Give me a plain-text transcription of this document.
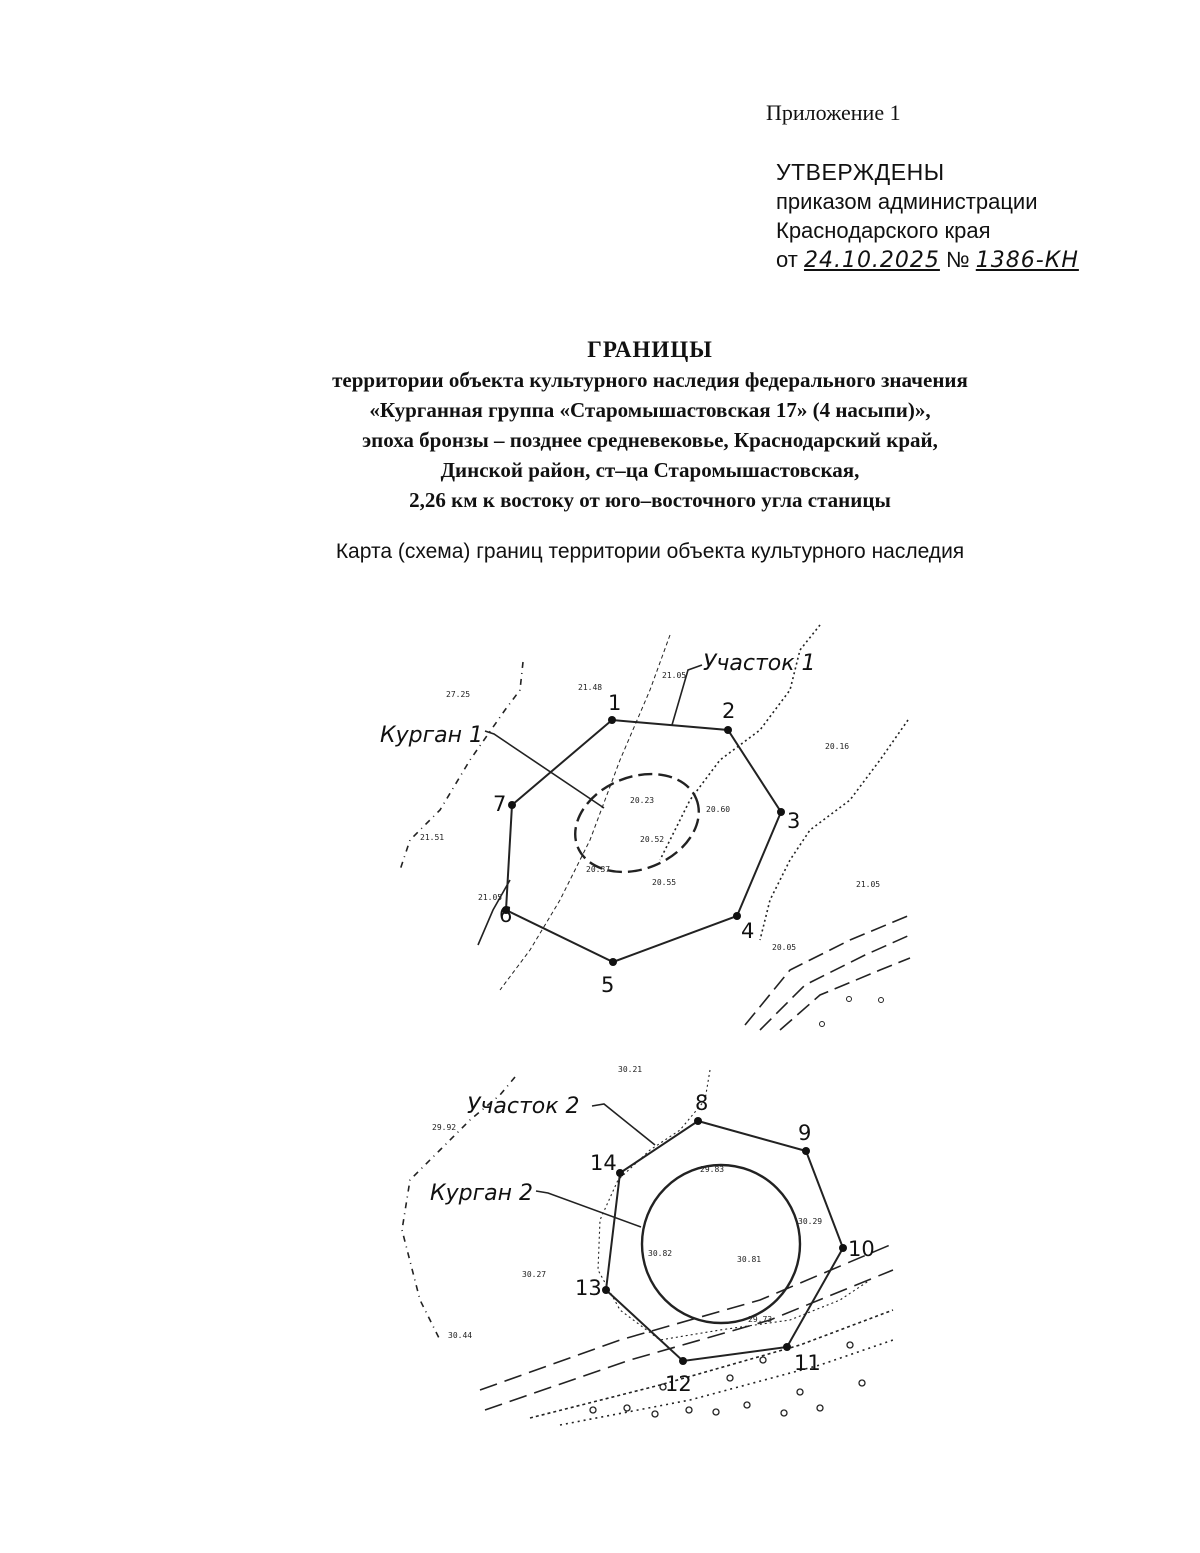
Приложение 1
УТВЕРЖДЕНЫ
приказом администрации
Краснодарского края
от 24.10.2025 № 1386-КН
ГРАНИЦЫ
территории объекта культурного наследия федерального значения
«Курганная группа «Старомышастовская 17» (4 насыпи)»,
эпоха бронзы – позднее средневековье, Краснодарский край,
Динской район, ст–ца Старомышастовская,
2,26 км к востоку от юго–восточного угла станицы
Карта (схема) границ территории объекта культурного наследия
Курган 1
Участок 1
1	2
3
4
5
6
7
27.25
21.48
21.05
20.16
21.51
20.23
20.60
20.52
20.37
20.55
21.05
21.05
20.05
Курган 2
Участок 2	8
9
10
11
12
13
14
30.21
29.92
30.27
30.82
30.81
30.29
29.73
29.83
30.44
